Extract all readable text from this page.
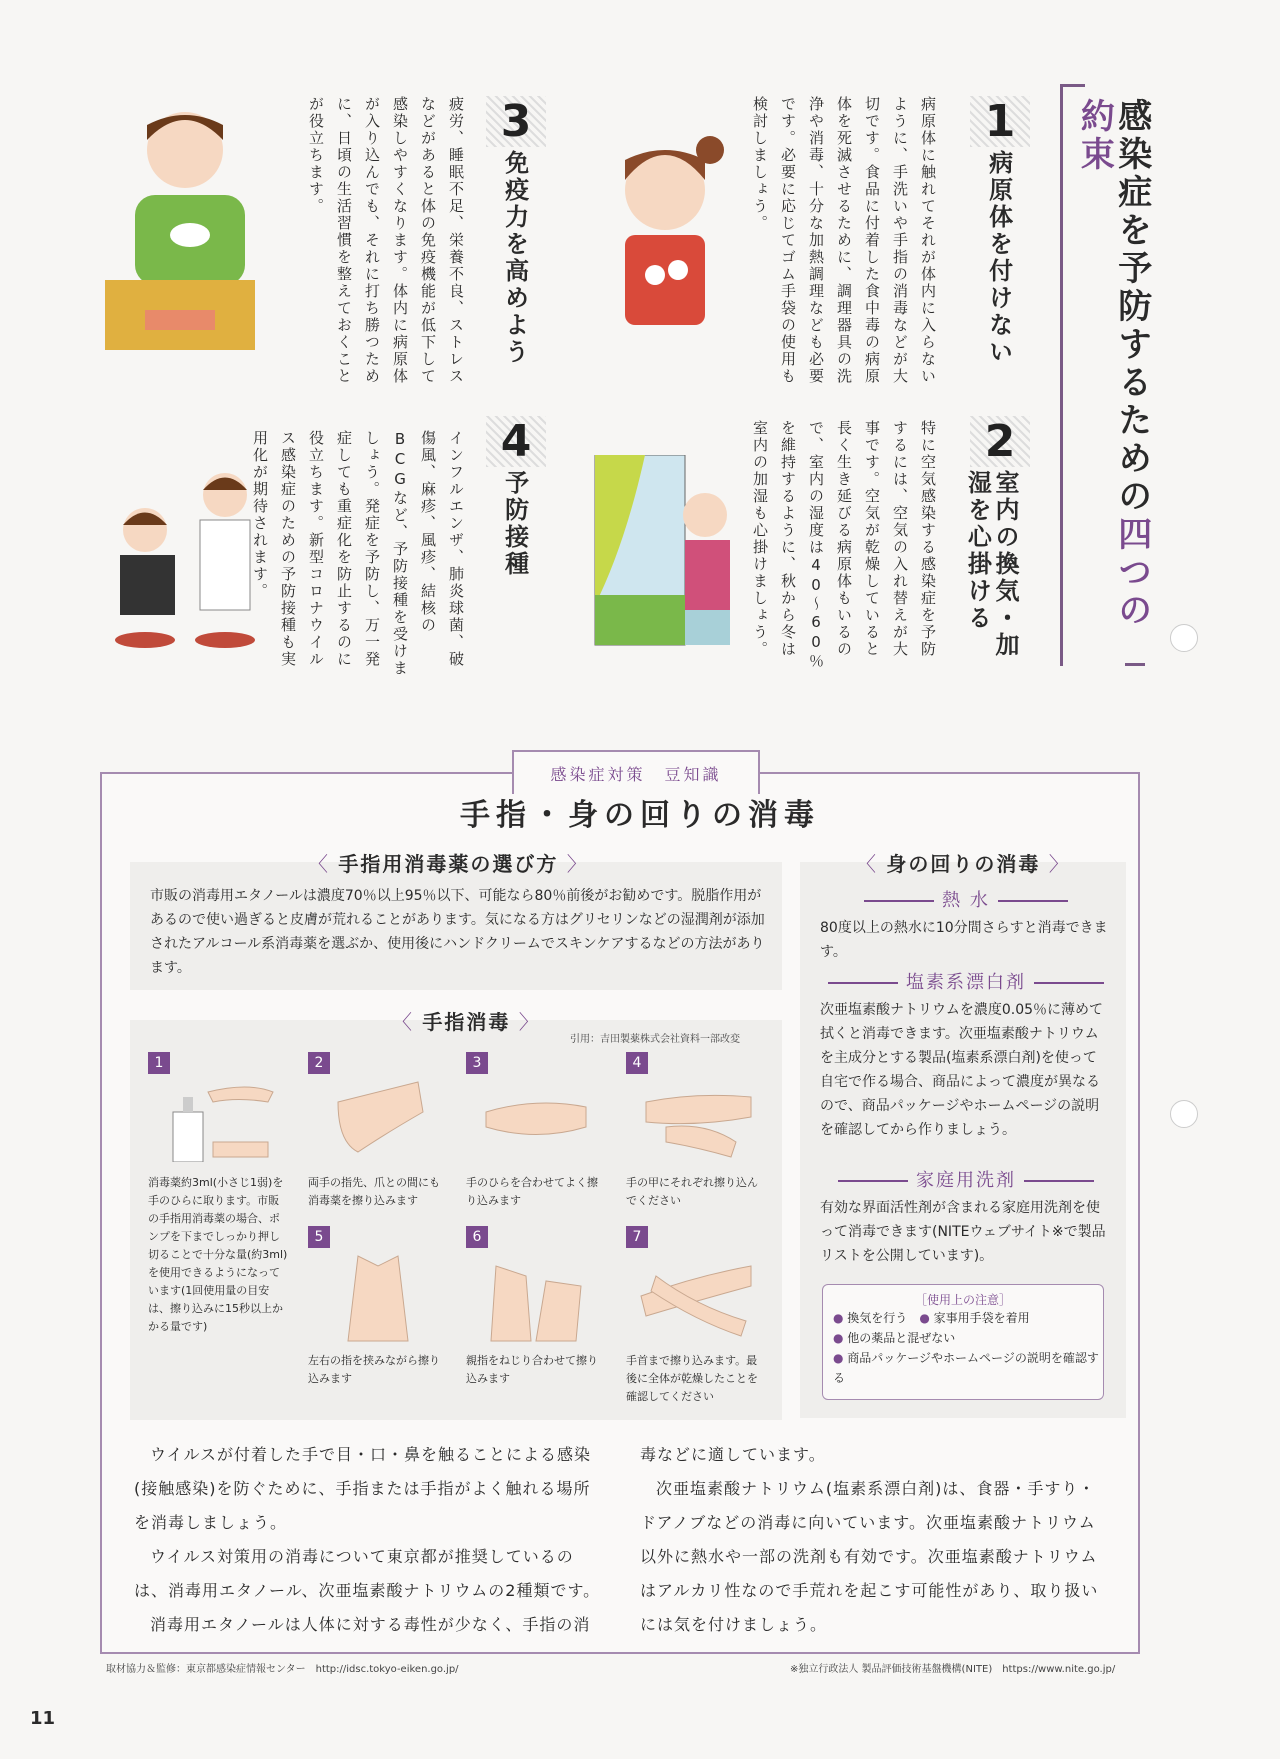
感染症を予防するための四つの約束
1
病原体を付けない
病原体に触れてそれが体内に入らないように、手洗いや手指の消毒などが大切です。食品に付着した食中毒の病原体を死滅させるために、調理器具の洗浄や消毒、十分な加熱調理なども必要です。必要に応じてゴム手袋の使用も検討しましょう。
2
室内の換気・加湿を心掛ける
特に空気感染する感染症を予防するには、空気の入れ替えが大事です。空気が乾燥していると長く生き延びる病原体もいるので、室内の湿度は40～60％を維持するように、秋から冬は室内の加湿も心掛けましょう。
3
免疫力を高めよう
疲労、睡眠不足、栄養不良、ストレスなどがあると体の免疫機能が低下して感染しやすくなります。体内に病原体が入り込んでも、それに打ち勝つために、日頃の生活習慣を整えておくことが役立ちます。
4
予防接種
インフルエンザ、肺炎球菌、破傷風、麻疹、風疹、結核のBCGなど、予防接種を受けましょう。発症を予防し、万一発症しても重症化を防止するのに役立ちます。新型コロナウイルス感染症のための予防接種も実用化が期待されます。
感染症対策　豆知識
手指・身の回りの消毒
〈 手指用消毒薬の選び方 〉
市販の消毒用エタノールは濃度70％以上95％以下、可能なら80％前後がお勧めです。脱脂作用があるので使い過ぎると皮膚が荒れることがあります。気になる方はグリセリンなどの湿潤剤が添加されたアルコール系消毒薬を選ぶか、使用後にハンドクリームでスキンケアするなどの方法があります。
〈 手指消毒 〉
引用：吉田製薬株式会社資料一部改変
1
消毒薬約3ml(小さじ1弱)を手のひらに取ります。市販の手指用消毒薬の場合、ポンプを下までしっかり押し切ることで十分な量(約3ml)を使用できるようになっています(1回使用量の目安は、擦り込みに15秒以上かかる量です)
2
両手の指先、爪との間にも消毒薬を擦り込みます
3
手のひらを合わせてよく擦り込みます
4
手の甲にそれぞれ擦り込んでください
5
左右の指を挟みながら擦り込みます
6
親指をねじり合わせて擦り込みます
7
手首まで擦り込みます。最後に全体が乾燥したことを確認してください
〈 身の回りの消毒 〉
熱 水
80度以上の熱水に10分間さらすと消毒できます。
塩素系漂白剤
次亜塩素酸ナトリウムを濃度0.05％に薄めて拭くと消毒できます。次亜塩素酸ナトリウムを主成分とする製品(塩素系漂白剤)を使って自宅で作る場合、商品によって濃度が異なるので、商品パッケージやホームページの説明を確認してから作りましょう。
家庭用洗剤
有効な界面活性剤が含まれる家庭用洗剤を使って消毒できます(NITEウェブサイト※で製品リストを公開しています)。
［使用上の注意］
● 換気を行う　 ● 家事用手袋を着用
● 他の薬品と混ぜない
● 商品パッケージやホームページの説明を確認する
ウイルスが付着した手で目・口・鼻を触ることによる感染(接触感染)を防ぐために、手指または手指がよく触れる場所を消毒しましょう。
ウイルス対策用の消毒について東京都が推奨しているのは、消毒用エタノール、次亜塩素酸ナトリウムの2種類です。
消毒用エタノールは人体に対する毒性が少なく、手指の消
毒などに適しています。
次亜塩素酸ナトリウム(塩素系漂白剤)は、食器・手すり・ドアノブなどの消毒に向いています。次亜塩素酸ナトリウム以外に熱水や一部の洗剤も有効です。次亜塩素酸ナトリウムはアルカリ性なので手荒れを起こす可能性があり、取り扱いには気を付けましょう。
取材協力＆監修：東京都感染症情報センター　http://idsc.tokyo-eiken.go.jp/	※独立行政法人 製品評価技術基盤機構(NITE)　https://www.nite.go.jp/
11
